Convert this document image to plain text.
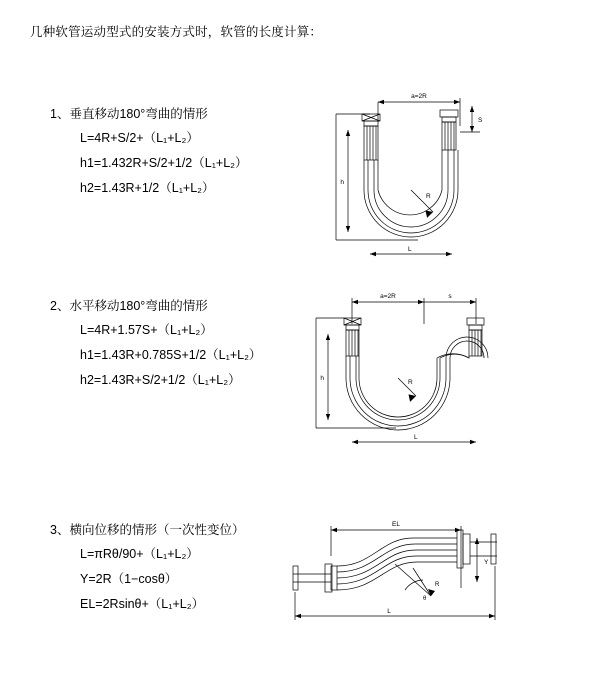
几种软管运动型式的安装方式时，软管的长度计算：
1、垂直移动180°弯曲的情形
L=4R+S/2+（L₁+L₂）
h1=1.432R+S/2+1/2（L₁+L₂）
h2=1.43R+1/2（L₁+L₂）
a=2R
S
h
R
L
2、水平移动180°弯曲的情形
L=4R+1.57S+（L₁+L₂）
h1=1.43R+0.785S+1/2（L₁+L₂）
h2=1.43R+S/2+1/2（L₁+L₂）
a=2R	s
h
R
L
3、横向位移的情形（一次性变位）
L=πRθ/90+（L₁+L₂）
Y=2R（1−cosθ）
EL=2Rsinθ+（L₁+L₂）
EL
Y
L
θ
R
